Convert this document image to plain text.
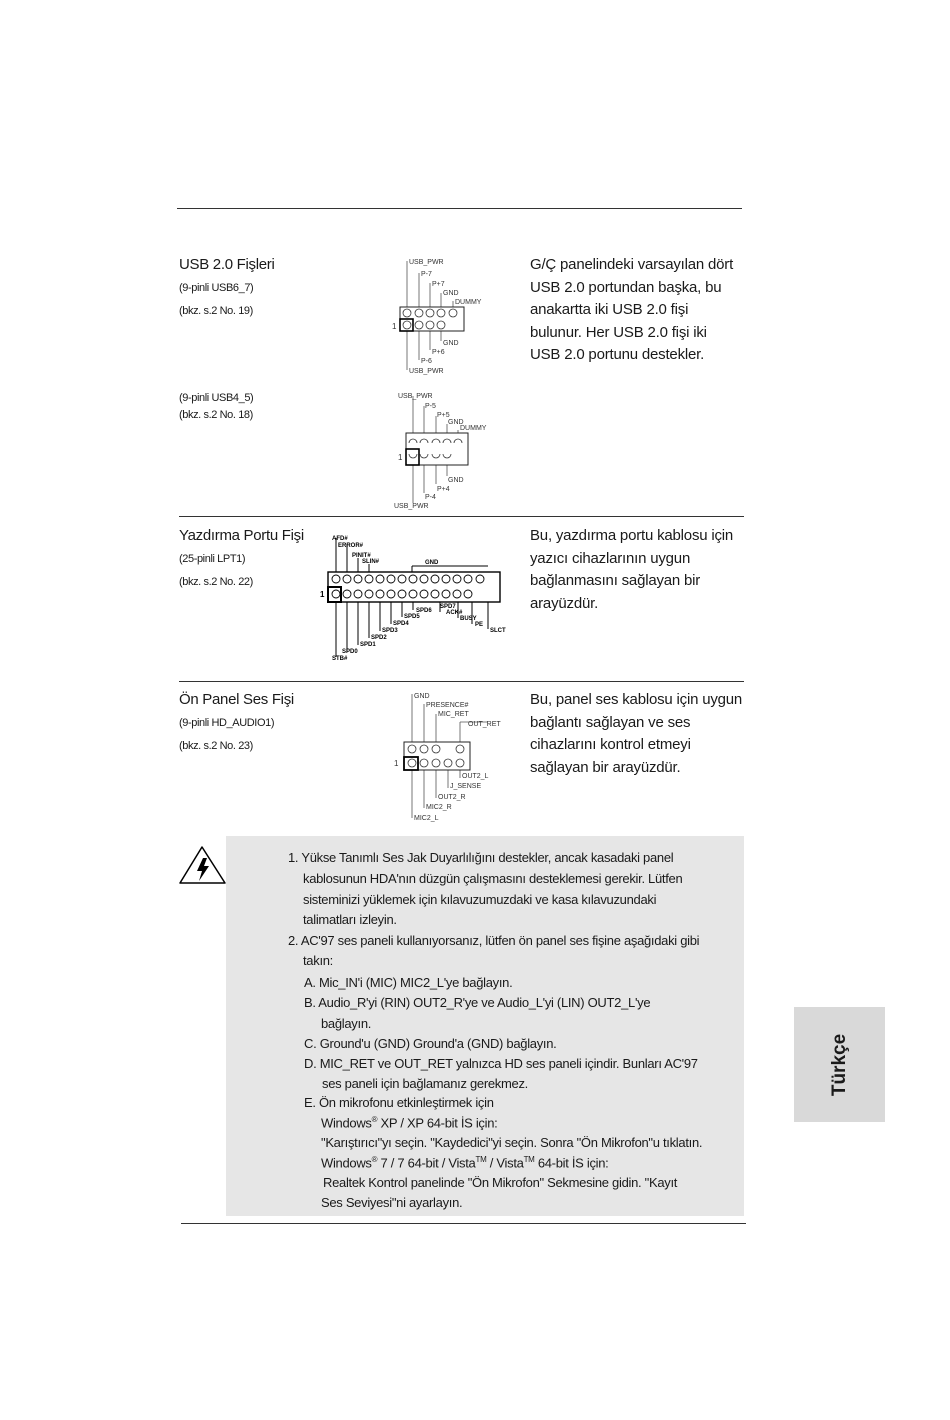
USB 2.0 Fişleri
(9-pinli USB6_7)
(bkz. s.2 No. 19)
(9-pinli USB4_5)
(bkz. s.2 No. 18)
G/Ç panelindeki varsayılan dört
USB 2.0 portundan başka, bu
anakartta iki USB 2.0 fişi
bulunur. Her USB 2.0 fişi iki
USB 2.0 portunu destekler.
USB_PWR
P-7
P+7
GND
DUMMY
GND
P+6
P-6
USB_PWR
1
USB_PWR
P-5
P+5
GND
DUMMY
GND
P+4
P-4
USB_PWR
1
Yazdırma Portu Fişi
(25-pinli LPT1)
(bkz. s.2 No. 22)
Bu, yazdırma portu kablosu için
yazıcı cihazlarının uygun
bağlanmasını sağlayan bir
arayüzdür.
AFD#
ERROR#
PINIT#
SLIN#	GND
SPD7
SPD6 ACK#
SPD5	BUSY
SPD4	PE
SPD3	SLCT
SPD2
SPD1
SPD0
STB#
1
Ön Panel Ses Fişi
(9-pinli HD_AUDIO1)
(bkz. s.2 No. 23)
Bu, panel ses kablosu için uygun
bağlantı sağlayan ve ses
cihazlarını kontrol etmeyi
sağlayan bir arayüzdür.
GND
PRESENCE#
MIC_RET
OUT_RET
OUT2_L
J_SENSE
OUT2_R
MIC2_R
MIC2_L
1
1. Yükse Tanımlı Ses Jak Duyarlılığını destekler, ancak kasadaki panel
kablosunun HDA'nın düzgün çalışmasını desteklemesi gerekir. Lütfen
sisteminizi yüklemek için kılavuzumuzdaki ve kasa kılavuzundaki
talimatları izleyin.
2. AC'97 ses paneli kullanıyorsanız, lütfen ön panel ses fişine aşağıdaki gibi
takın:
A. Mic_IN'i (MIC) MIC2_L'ye bağlayın.
B. Audio_R'yi (RIN) OUT2_R'ye ve Audio_L'yi (LIN) OUT2_L'ye
bağlayın.
C. Ground'u (GND) Ground'a (GND) bağlayın.
D. MIC_RET ve OUT_RET yalnızca HD ses paneli içindir. Bunları AC'97
ses paneli için bağlamanız gerekmez.
E. Ön mikrofonu etkinleştirmek için
Windows® XP / XP 64-bit İS için:
"Karıştırıcı"yı seçin. "Kaydedici"yi seçin. Sonra "Ön Mikrofon"u tıklatın.
Windows® 7 / 7 64-bit / Vista™ / Vista™ 64-bit İS için:
Realtek Kontrol panelinde "Ön Mikrofon" Sekmesine gidin. "Kayıt
Ses Seviyesi"ni ayarlayın.
Türkçe
